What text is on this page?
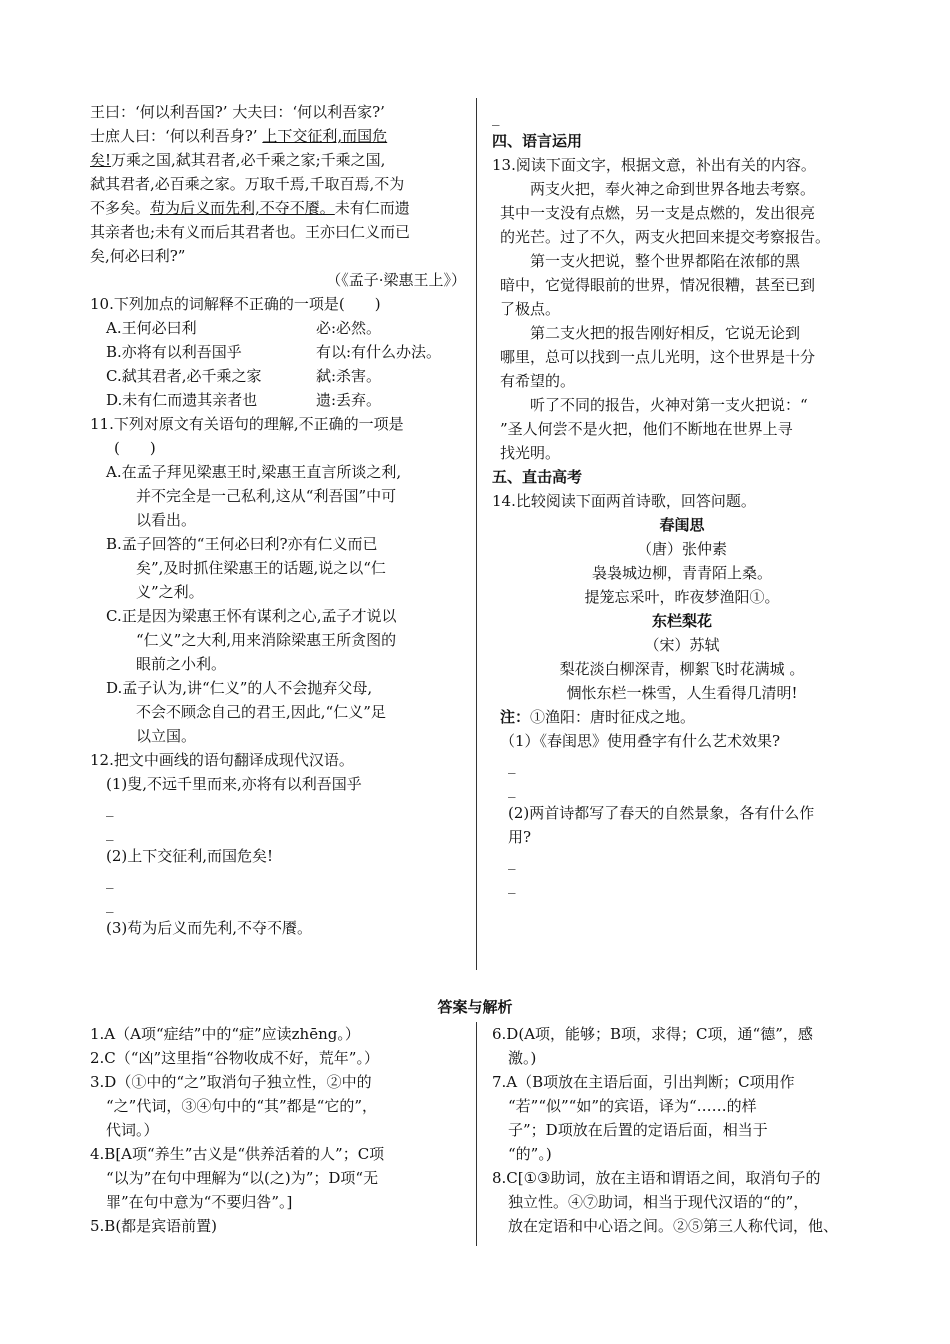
王曰：‘何以利吾国?’ 大夫曰：‘何以利吾家?’

士庶人曰：‘何以利吾身?’ 上下交征利,而国危

矣!万乘之国,弑其君者,必千乘之家;千乘之国,

弑其君者,必百乘之家。万取千焉,千取百焉,不为

不多矣。苟为后义而先利,不夺不餍。未有仁而遗

其亲者也;未有义而后其君者也。王亦曰仁义而已

矣,何必曰利?”

（《孟子·梁惠王上》）

10.下列加点的词解释不正确的一项是(　　)

A.王何必曰利	必:必然。
B.亦将有以利吾国乎	有以:有什么办法。
C.弑其君者,必千乘之家	弑:杀害。
D.未有仁而遗其亲者也	遗:丢弃。

11.下列对原文有关语句的理解,不正确的一项是

(　　)

A.在孟子拜见梁惠王时,梁惠王直言所谈之利,

并不完全是一己私利,这从“利吾国”中可

以看出。

B.孟子回答的“王何必曰利?亦有仁义而已

矣”,及时抓住梁惠王的话题,说之以“仁

义”之利。

C.正是因为梁惠王怀有谋利之心,孟子才说以

“仁义”之大利,用来消除梁惠王所贪图的

眼前之小利。

D.孟子认为,讲“仁义”的人不会抛弃父母,

不会不顾念自己的君王,因此,“仁义”足

以立国。

12.把文中画线的语句翻译成现代汉语。

(1)叟,不远千里而来,亦将有以利吾国乎

_

_

(2)上下交征利,而国危矣!

_

_

(3)苟为后义而先利,不夺不餍。

_

四、语言运用

13.阅读下面文字，根据文意，补出有关的内容。

两支火把，奉火神之命到世界各地去考察。

其中一支没有点燃，另一支是点燃的，发出很亮

的光芒。过了不久，两支火把回来提交考察报告。

第一支火把说，整个世界都陷在浓郁的黑

暗中，它觉得眼前的世界，情况很糟，甚至已到

了极点。

第二支火把的报告刚好相反，它说无论到

哪里，总可以找到一点儿光明，这个世界是十分

有希望的。

听了不同的报告，火神对第一支火把说：“

”圣人何尝不是火把，他们不断地在世界上寻

找光明。

五、直击高考

14.比较阅读下面两首诗歌，回答问题。

春闺思

（唐）张仲素

袅袅城边柳，青青陌上桑。

提笼忘采叶，昨夜梦渔阳①。

东栏梨花

（宋）苏轼

梨花淡白柳深青，柳絮飞时花满城 。

惆怅东栏一株雪，人生看得几清明!

注：①渔阳：唐时征戍之地。

（1）《春闺思》使用叠字有什么艺术效果?

_

_

(2)两首诗都写了春天的自然景象，各有什么作

用?

_

_

答案与解析

1.A（A项“症结”中的“症”应读zhēng。）

2.C（“凶”这里指“谷物收成不好，荒年”。）

3.D（①中的“之”取消句子独立性，②中的

“之”代词，③④句中的“其”都是“它的”，

代词。）

4.B[A项“养生”古义是“供养活着的人”；C项

“以为”在句中理解为“以(之)为”；D项“无

罪”在句中意为“不要归咎”。]

5.B(都是宾语前置)

6.D(A项，能够；B项，求得；C项，通“德”，感

激。)

7.A（B项放在主语后面，引出判断；C项用作

“若”“似”“如”的宾语，译为“……的样

子”；D项放在后置的定语后面，相当于

“的”。)

8.C[①③助词，放在主语和谓语之间，取消句子的

独立性。④⑦助词，相当于现代汉语的“的”，

放在定语和中心语之间。②⑤第三人称代词，他、
